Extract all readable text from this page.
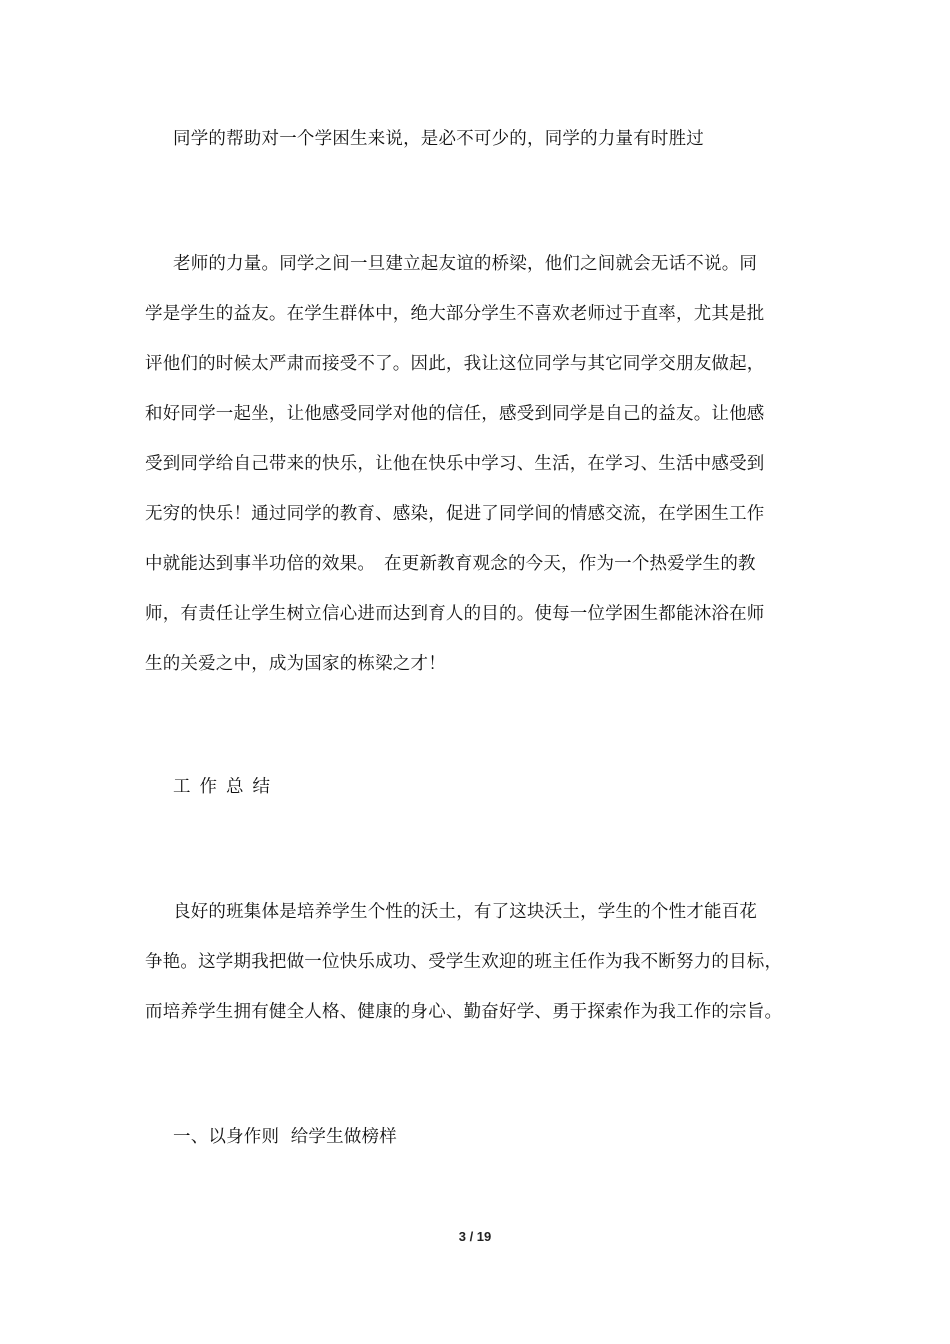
同学的帮助对一个学困生来说，是必不可少的，同学的力量有时胜过
老师的力量。同学之间一旦建立起友谊的桥梁，他们之间就会无话不说。同
学是学生的益友。在学生群体中，绝大部分学生不喜欢老师过于直率，尤其是批
评他们的时候太严肃而接受不了。因此，我让这位同学与其它同学交朋友做起，
和好同学一起坐，让他感受同学对他的信任，感受到同学是自己的益友。让他感
受到同学给自己带来的快乐，让他在快乐中学习、生活，在学习、生活中感受到
无穷的快乐！通过同学的教育、感染，促进了同学间的情感交流，在学困生工作
中就能达到事半功倍的效果。　在更新教育观念的今天，作为一个热爱学生的教
师，有责任让学生树立信心进而达到育人的目的。使每一位学困生都能沐浴在师
生的关爱之中，成为国家的栋梁之才！
工作总结
良好的班集体是培养学生个性的沃土，有了这块沃土，学生的个性才能百花
争艳。这学期我把做一位快乐成功、受学生欢迎的班主任作为我不断努力的目标，
而培养学生拥有健全人格、健康的身心、勤奋好学、勇于探索作为我工作的宗旨。
一、以身作则  给学生做榜样
3 / 19
